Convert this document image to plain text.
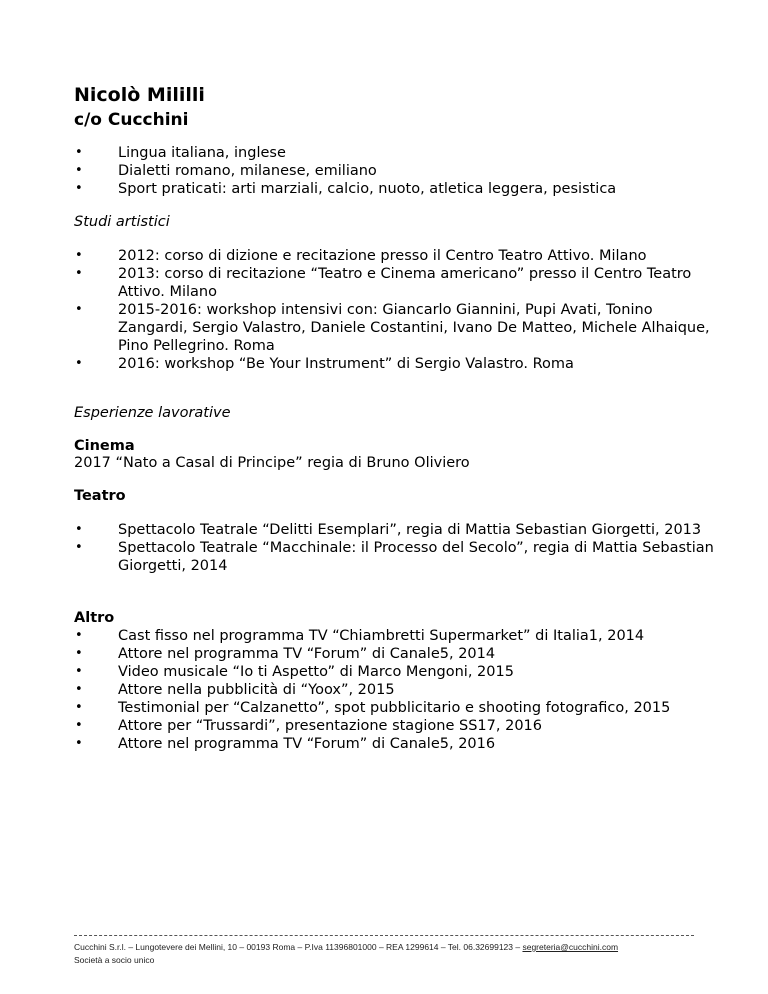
Nicolò Mililli
c/o Cucchini
• Lingua italiana, inglese
• Dialetti romano, milanese, emiliano
• Sport praticati: arti marziali, calcio, nuoto, atletica leggera, pesistica

Studi artistici

• 2012: corso di dizione e recitazione presso il Centro Teatro Attivo. Milano
• 2013: corso di recitazione “Teatro e Cinema americano” presso il Centro Teatro Attivo. Milano
• 2015-2016: workshop intensivi con: Giancarlo Giannini, Pupi Avati, Tonino Zangardi, Sergio Valastro, Daniele Costantini, Ivano De Matteo, Michele Alhaique, Pino Pellegrino. Roma
• 2016: workshop “Be Your Instrument” di Sergio Valastro. Roma

Esperienze lavorative

Cinema

2017 “Nato a Casal di Principe” regia di Bruno Oliviero

Teatro

• Spettacolo Teatrale “Delitti Esemplari”, regia di Mattia Sebastian Giorgetti, 2013
• Spettacolo Teatrale “Macchinale: il Processo del Secolo”, regia di Mattia Sebastian Giorgetti, 2014

Altro

• Cast fisso nel programma TV “Chiambretti Supermarket” di Italia1, 2014
• Attore nel programma TV “Forum” di Canale5, 2014
• Video musicale “Io ti Aspetto” di Marco Mengoni, 2015
• Attore nella pubblicità di “Yoox”, 2015
• Testimonial per “Calzanetto”, spot pubblicitario e shooting fotografico, 2015
• Attore per “Trussardi”, presentazione stagione SS17, 2016
• Attore nel programma TV “Forum” di Canale5, 2016
Cucchini S.r.l. – Lungotevere dei Mellini, 10 – 00193 Roma – P.Iva 11396801000 – REA 1299614 – Tel. 06.32699123 – segreteria@cucchini.com
Società a socio unico
